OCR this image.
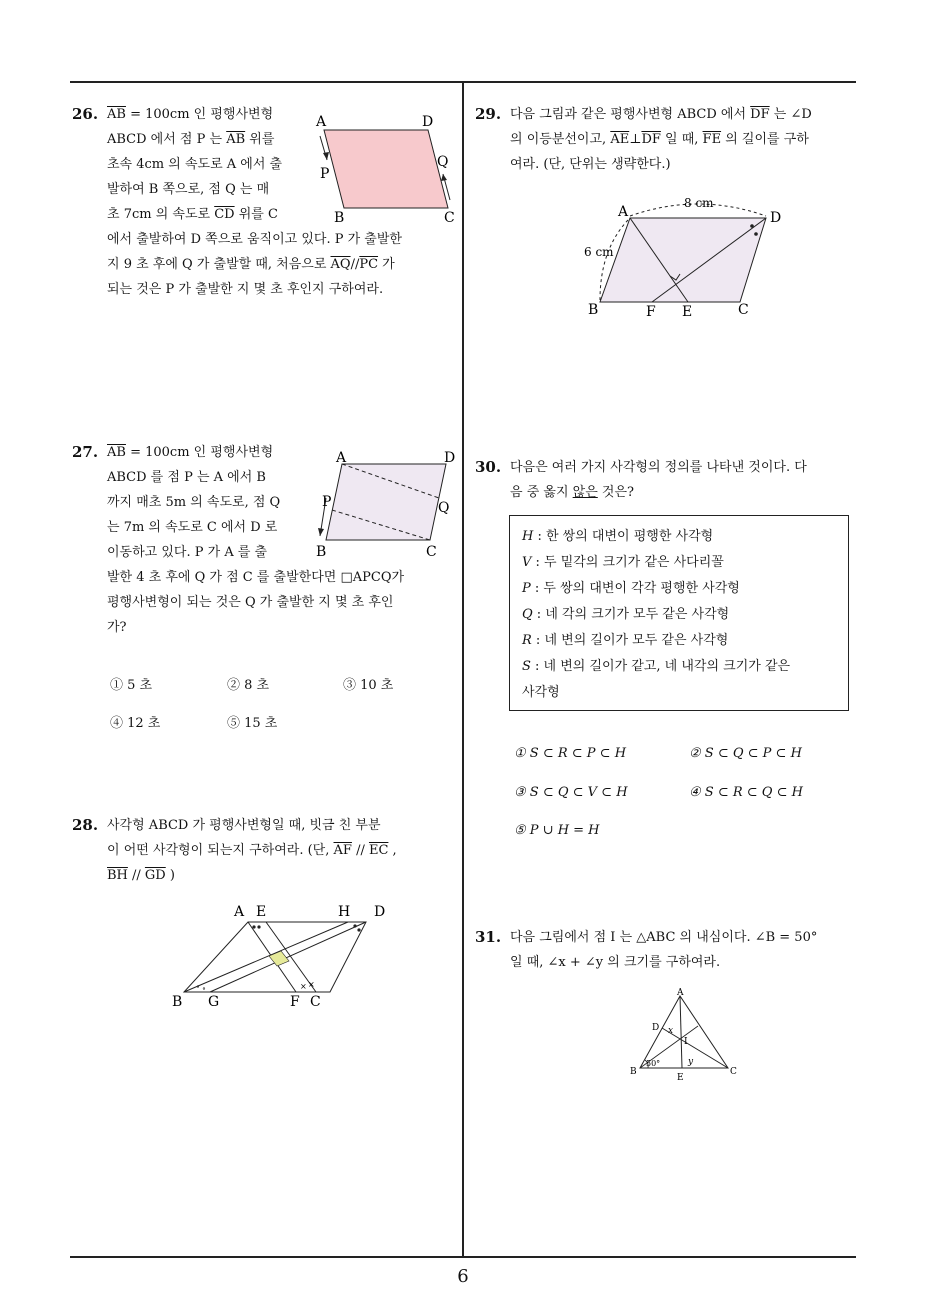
26. $\overline{AB} = 100cm$ 인 평행사변형
ABCD 에서 점 P 는 $\overline{AB}$ 위를
초속 4cm 의 속도로 A 에서 출
발하여 B 쪽으로, 점 Q 는 매
초 7cm 의 속도로 $\overline{CD}$ 위를 C
에서 출발하여 D 쪽으로 움직이고 있다. P 가 출발한
지 9 초 후에 Q 가 출발할 때, 처음으로 $\overline{AQ}//\overline{PC}$ 가
되는 것은 P 가 출발한 지 몇 초 후인지 구하여라.
A	D
P
Q
B	C
27. $\overline{AB} = 100cm$ 인 평행사변형
ABCD 를 점 P 는 A 에서 B
까지 매초 5m 의 속도로, 점 Q
는 7m 의 속도로 C 에서 D 로
이동하고 있다. P 가 A 를 출
발한 4 초 후에 Q 가 점 C 를 출발한다면 □APCQ가
평행사변형이 되는 것은 Q 가 출발한 지 몇 초 후인
가?
A	D
P	Q
B	C
① 5 초	② 8 초	③ 10 초
④ 12 초	⑤ 15 초
28. 사각형 ABCD 가 평행사변형일 때, 빗금 친 부분
이 어떤 사각형이 되는지 구하여라. (단, $\overline{AF} // \overline{EC}$ ,
$\overline{BH} // \overline{GD}$ )
∘ ∘	× ×
A E	H D
B G	F C
29. 다음 그림과 같은 평행사변형 ABCD 에서 $\overline{DF}$ 는 ∠D
의 이등분선이고, $\overline{AE}\perp\overline{DF}$ 일 때, $\overline{FE}$ 의 길이를 구하
여라. (단, 단위는 생략한다.)
A	D
8 cm
6 cm
B	F E	C
30. 다음은 여러 가지 사각형의 정의를 나타낸 것이다. 다
음 중 옳지 않은 것은?
H : 한 쌍의 대변이 평행한 사각형
V : 두 밑각의 크기가 같은 사다리꼴
P : 두 쌍의 대변이 각각 평행한 사각형
Q : 네 각의 크기가 모두 같은 사각형
R : 네 변의 길이가 모두 같은 사각형
S : 네 변의 길이가 같고, 네 내각의 크기가 같은
사각형
① S ⊂ R ⊂ P ⊂ H	② S ⊂ Q ⊂ P ⊂ H
③ S ⊂ Q ⊂ V ⊂ H	④ S ⊂ R ⊂ Q ⊂ H
⑤ P ∪ H = H
31. 다음 그림에서 점 I 는 △ABC 의 내심이다. ∠B = 50°
일 때, ∠x + ∠y 의 크기를 구하여라.
A
D x
I
y
50°
B
E
C
6
